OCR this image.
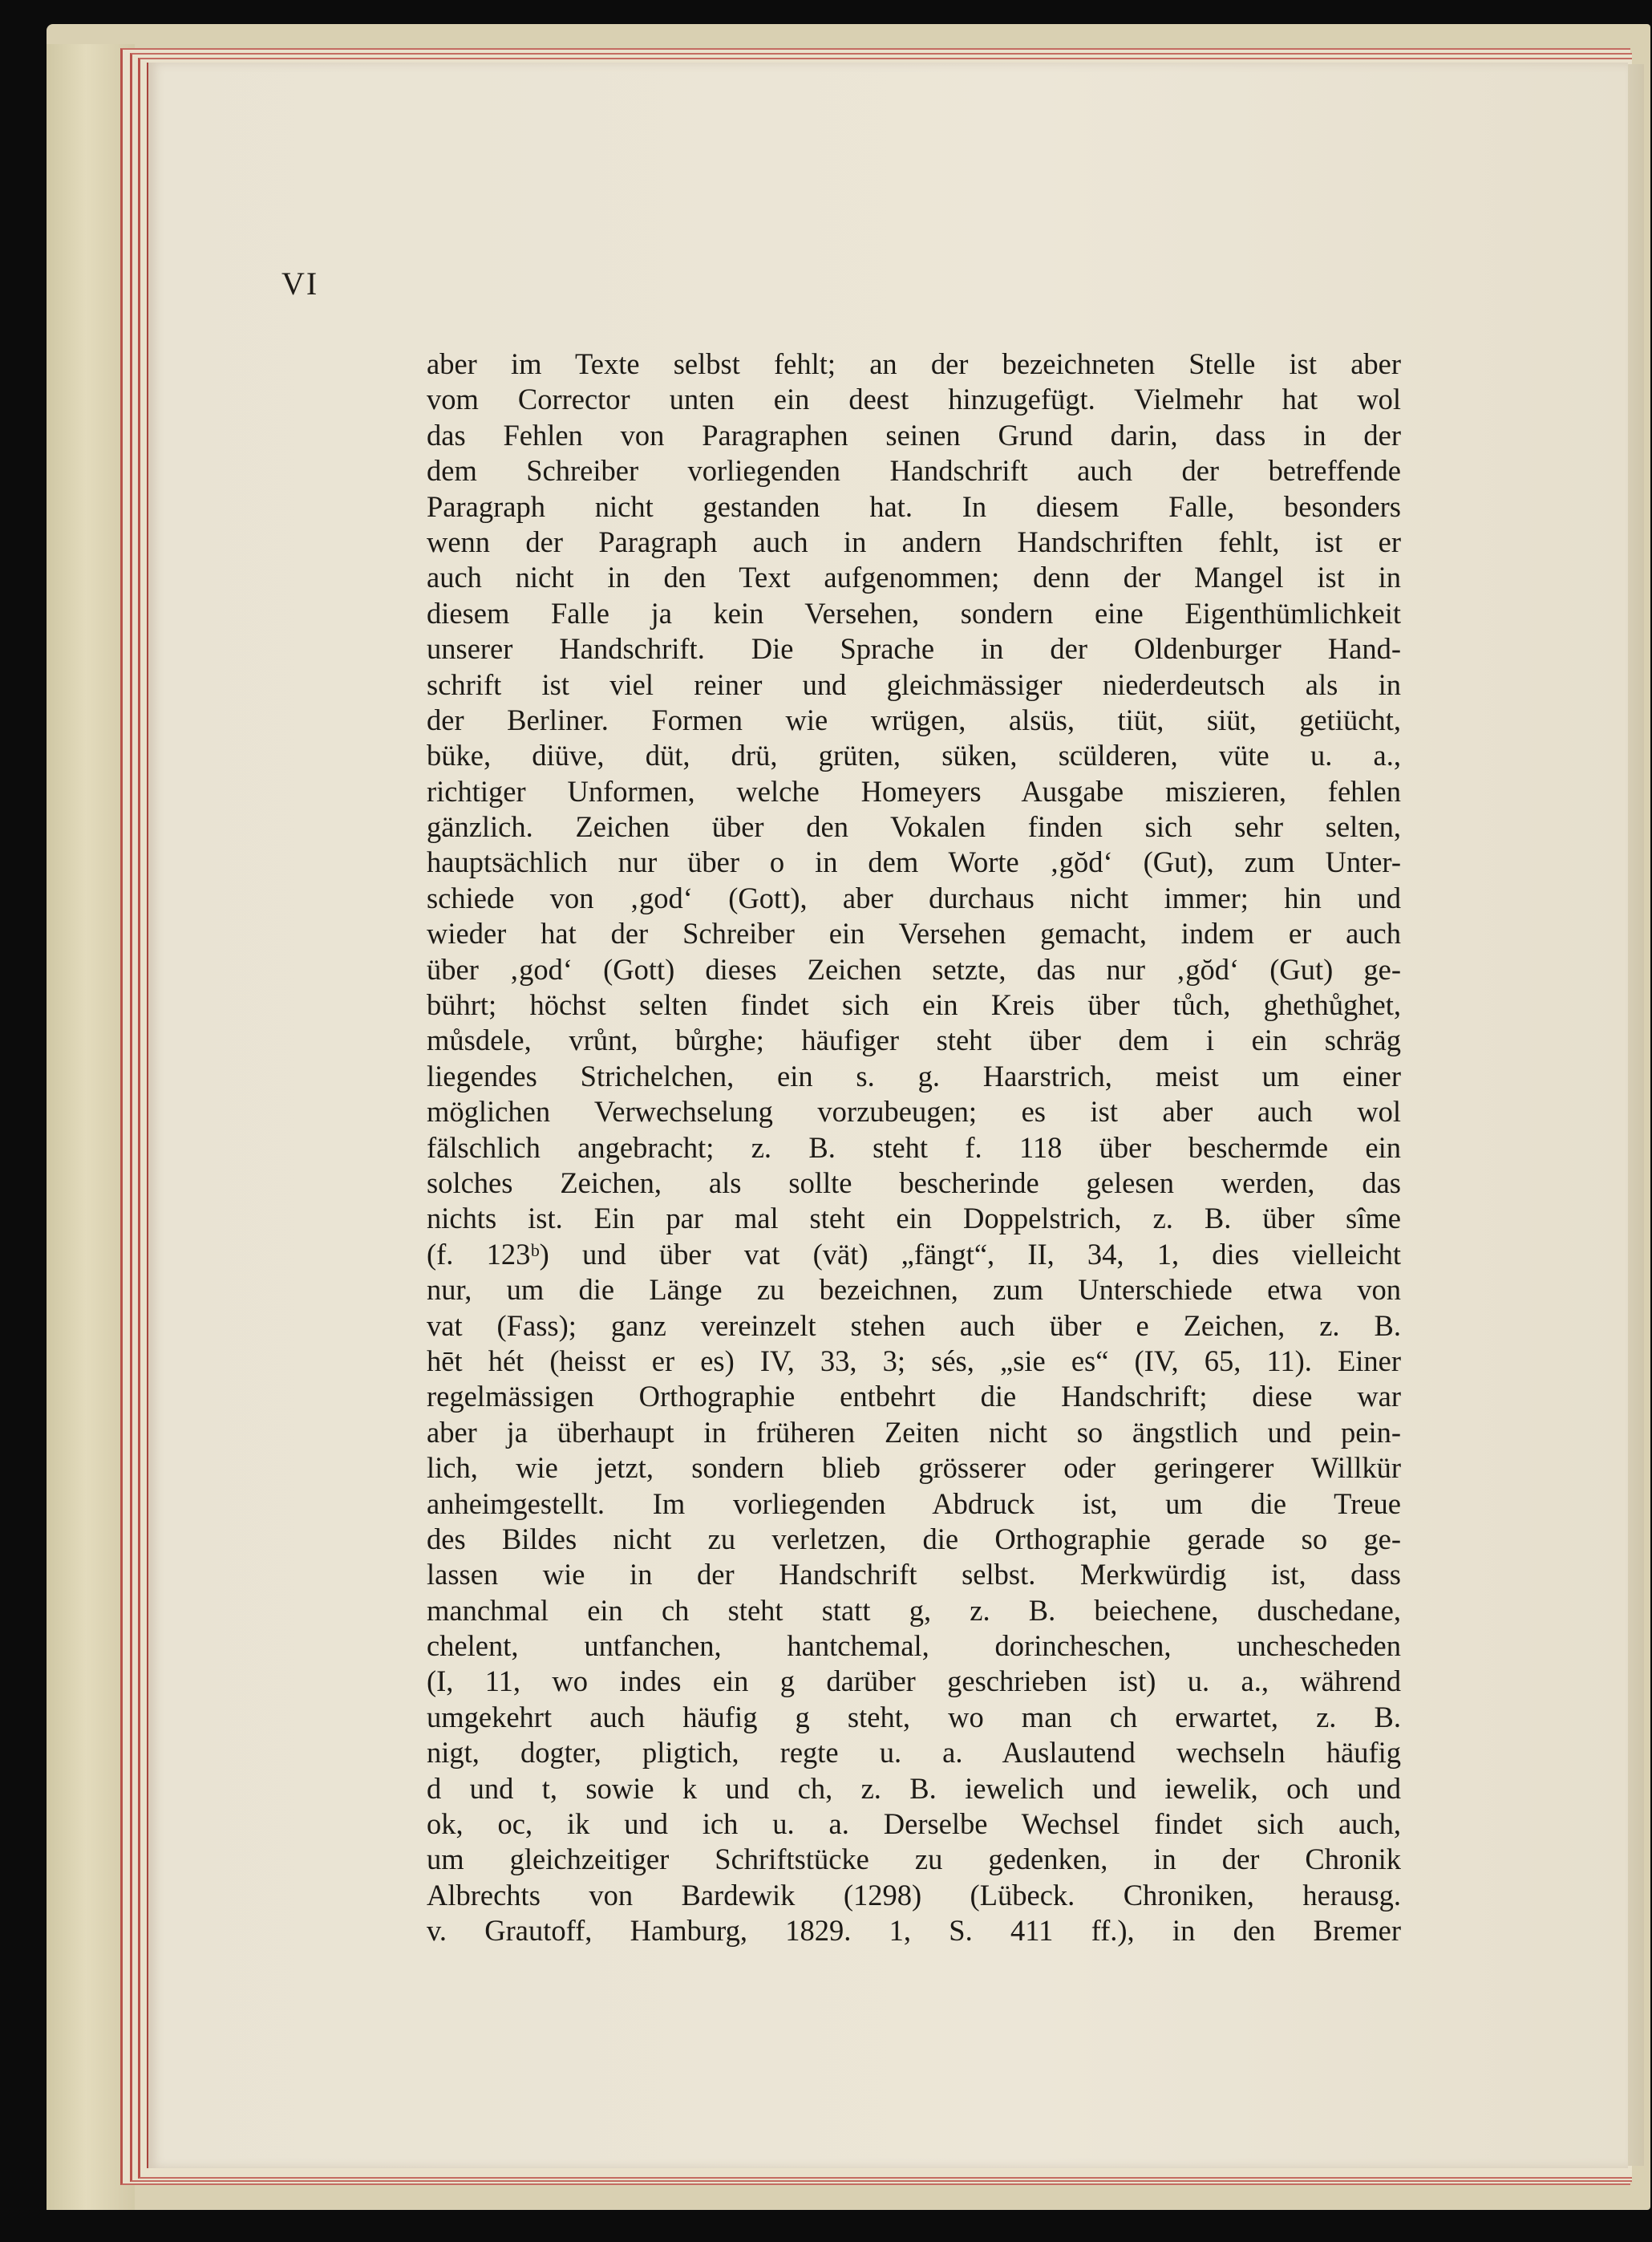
VI
aber im Texte selbst fehlt; an der bezeichneten Stelle ist aber
vom Corrector unten ein deest hinzugefügt. Vielmehr hat wol
das Fehlen von Paragraphen seinen Grund darin, dass in der
dem Schreiber vorliegenden Handschrift auch der betreffende
Paragraph nicht gestanden hat. In diesem Falle, besonders
wenn der Paragraph auch in andern Handschriften fehlt, ist er
auch nicht in den Text aufgenommen; denn der Mangel ist in
diesem Falle ja kein Versehen, sondern eine Eigenthümlichkeit
unserer Handschrift. Die Sprache in der Oldenburger Hand-
schrift ist viel reiner und gleichmässiger niederdeutsch als in
der Berliner. Formen wie wrügen, alsüs, tiüt, siüt, getiücht,
büke, diüve, düt, drü, grüten, süken, scülderen, vüte u. a.,
richtiger Unformen, welche Homeyers Ausgabe miszieren, fehlen
gänzlich. Zeichen über den Vokalen finden sich sehr selten,
hauptsächlich nur über o in dem Worte ‚gŏd‘ (Gut), zum Unter-
schiede von ‚god‘ (Gott), aber durchaus nicht immer; hin und
wieder hat der Schreiber ein Versehen gemacht, indem er auch
über ‚god‘ (Gott) dieses Zeichen setzte, das nur ‚gŏd‘ (Gut) ge-
bührt; höchst selten findet sich ein Kreis über tůch, ghethůghet,
můsdele, vrůnt, bůrghe; häufiger steht über dem i ein schräg
liegendes Strichelchen, ein s. g. Haarstrich, meist um einer
möglichen Verwechselung vorzubeugen; es ist aber auch wol
fälschlich angebracht; z. B. steht f. 118 über beschermde ein
solches Zeichen, als sollte bescherinde gelesen werden, das
nichts ist. Ein par mal steht ein Doppelstrich, z. B. über sîme
(f. 123ᵇ) und über vat (vät) „fängt“, II, 34, 1, dies vielleicht
nur, um die Länge zu bezeichnen, zum Unterschiede etwa von
vat (Fass); ganz vereinzelt stehen auch über e Zeichen, z. B.
hēt hét (heisst er es) IV, 33, 3; sés, „sie es“ (IV, 65, 11). Einer
regelmässigen Orthographie entbehrt die Handschrift; diese war
aber ja überhaupt in früheren Zeiten nicht so ängstlich und pein-
lich, wie jetzt, sondern blieb grösserer oder geringerer Willkür
anheimgestellt. Im vorliegenden Abdruck ist, um die Treue
des Bildes nicht zu verletzen, die Orthographie gerade so ge-
lassen wie in der Handschrift selbst. Merkwürdig ist, dass
manchmal ein ch steht statt g, z. B. beiechene, duschedane,
chelent, untfanchen, hantchemal, dorincheschen, uncheschеden
(I, 11, wo indes ein g darüber geschrieben ist) u. a., während
umgekehrt auch häufig g steht, wo man ch erwartet, z. B.
nigt, dogter, pligtich, regte u. a. Auslautend wechseln häufig
d und t, sowie k und ch, z. B. iewelich und iewelik, och und
ok, oc, ik und ich u. a. Derselbe Wechsel findet sich auch,
um gleichzeitiger Schriftstücke zu gedenken, in der Chronik
Albrechts von Bardewik (1298) (Lübeck. Chroniken, herausg.
v. Grautoff, Hamburg, 1829. 1, S. 411 ff.), in den Bremer
